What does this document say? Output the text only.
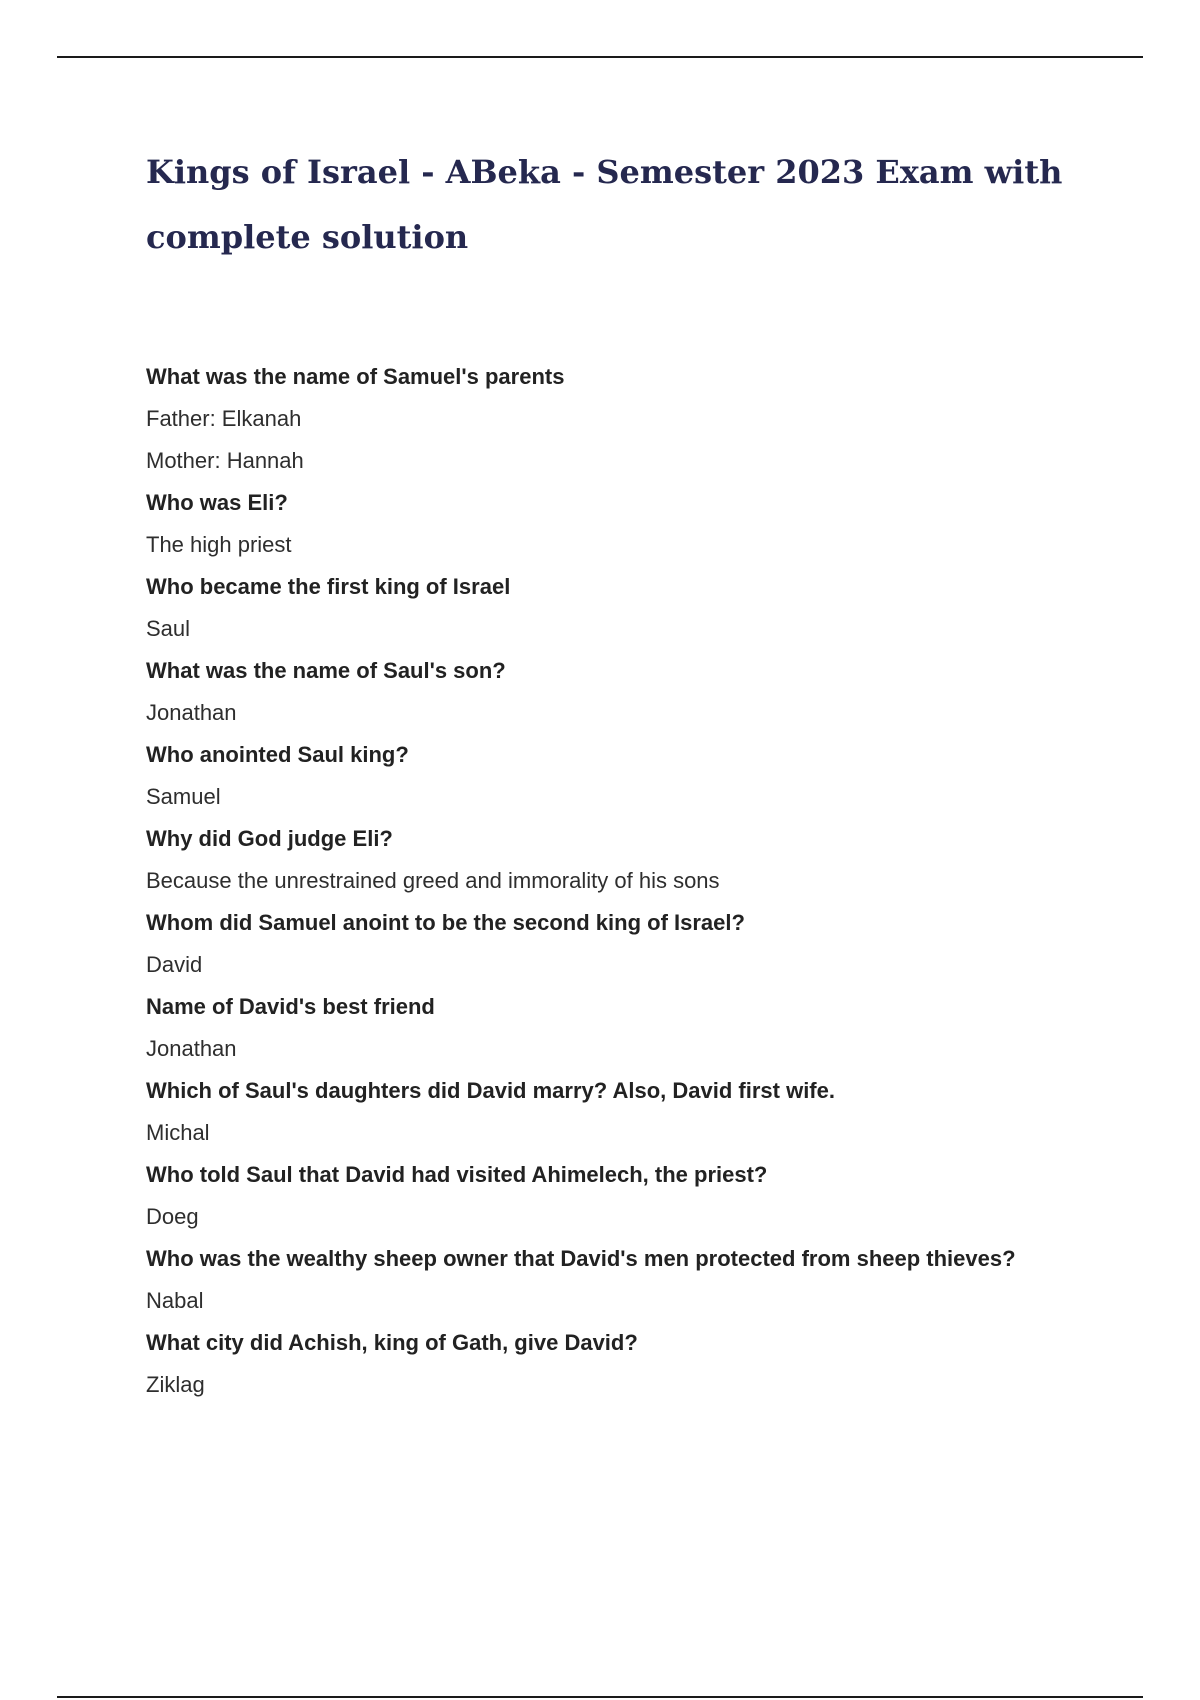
Kings of Israel - ABeka - Semester 2023 Exam with complete solution
What was the name of Samuel's parents
Father: Elkanah
Mother: Hannah
Who was Eli?
The high priest
Who became the first king of Israel
Saul
What was the name of Saul's son?
Jonathan
Who anointed Saul king?
Samuel
Why did God judge Eli?
Because the unrestrained greed and immorality of his sons
Whom did Samuel anoint to be the second king of Israel?
David
Name of David's best friend
Jonathan
Which of Saul's daughters did David marry? Also, David first wife.
Michal
Who told Saul that David had visited Ahimelech, the priest?
Doeg
Who was the wealthy sheep owner that David's men protected from sheep thieves?
Nabal
What city did Achish, king of Gath, give David?
Ziklag
